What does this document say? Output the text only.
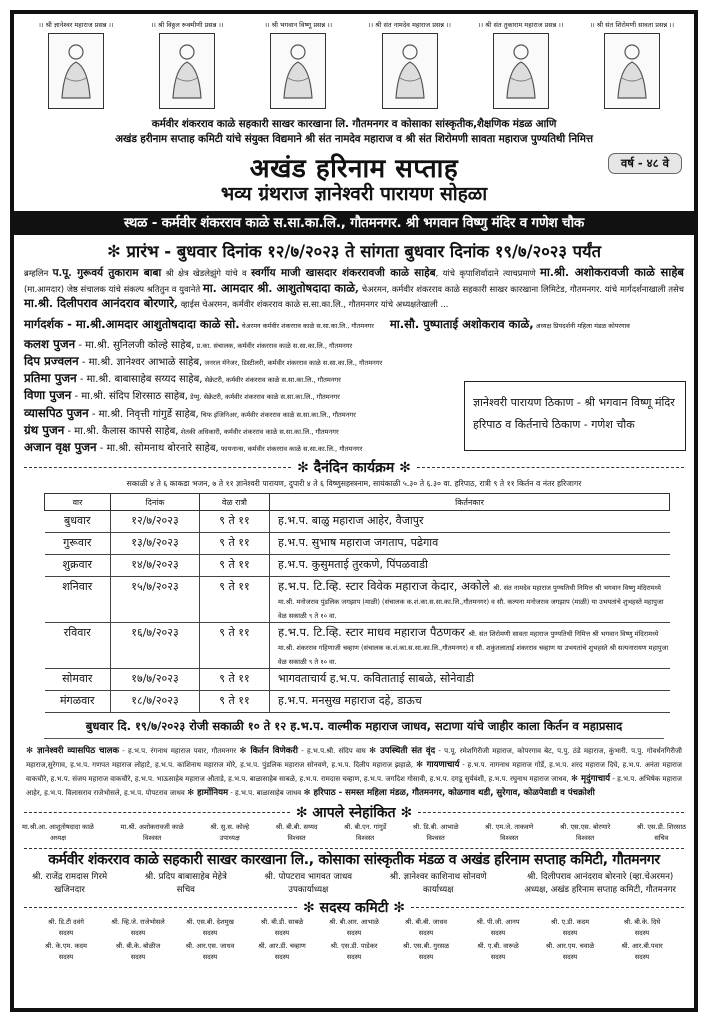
।। श्री ज्ञानेश्वर महाराज प्रसन्न ।।	।। श्री विठ्ठल रूक्मीणी प्रसन्न ।।	।। श्री भगवान विष्णू प्रसन्न ।।	।। श्री संत नामदेव महाराज प्रसन्न ।।	।। श्री संत तुकाराम महाराज प्रसन्न ।।	।। श्री संत शिरोमणी सावता प्रसन्न ।।
कर्मवीर शंकरराव काळे सहकारी साखर कारखाना लि. गौतमनगर व कोसाका सांस्कृतीक,शैक्षणिक मंडळ आणि
अखंड हरीनाम सप्ताह कमिटी यांचे संयुक्त विद्यमाने श्री संत नामदेव महाराज व श्री संत शिरोमणी सावता महाराज पुण्यतिथी निमित्त
अखंड हरिनाम सप्ताह	वर्ष - ४८ वे
भव्य ग्रंथराज ज्ञानेश्वरी पारायण सोहळा
स्थळ - कर्मवीर शंकरराव काळे स.सा.का.लि., गौतमनगर. श्री भगवान विष्णु मंदिर व गणेश चौक
✻ प्रारंभ - बुधवार दिनांक १२/७/२०२३ ते सांगता बुधवार दिनांक १९/७/२०२३ पर्यंत
ब्रम्हलिन प.पू. गुरूवर्य तुकाराम बाबा श्री क्षेत्र खेडलेझुंगे यांचे व स्वर्गीय माजी खासदार शंकररावजी काळे साहेब, यांचे कृपाशिर्वादाने त्याचप्रमाणे मा.श्री. अशोकरावजी काळे साहेब (मा.आमदार) जेष्ठ संचालक यांचे संकल्प श्रतितुन व युवानेते मा. आमदार श्री. आशुतोषदादा काळे, चेअरमन, कर्मवीर शंकरराव काळे सहकारी साखर कारखाना लिमिटेड, गौतमनगर. यांचे मार्गदर्शनाखाली तसेच मा.श्री. दिलीपराव आनंदराव बोरणारे, व्हाईस चेअरमन, कर्मवीर शंकरराव काळे स.सा.का.लि., गौतमनगर यांचे अध्यक्षतेखाली ...
मार्गदर्शक - मा.श्री.आमदार आशुतोषदादा काळे सो. चेअरमन कर्मवीर शंकरराव काळे स.सा.का.लि., गौतमनगर मा.सौ. पुष्पाताई अशोकराव काळे, अध्यक्ष प्रियदर्शनी महिला मंडळ कोपरगाव
कलश पुजन - मा.श्री. सुनिलजी कोल्हे साहेब, प्र.का. संचालक, कर्मवीर शंकरराव काळे स.सा.का.लि., गौतमनगर
दिप प्रज्वलन - मा.श्री. ज्ञानेश्वर आभाळे साहेब, जनरल मॅनेजर, डिस्टीलरी, कर्मवीर शंकरराव काळे स.सा.का.लि., गौतमनगर
प्रतिमा पुजन - मा.श्री. बाबासाहेब सय्यद साहेब, सेक्रेटरी, कर्मवीर शंकरराव काळे स.सा.का.लि., गौतमनगर
विणा पुजन - मा.श्री. संदिप शिरसाठ साहेब, डेप्यु. सेक्रेटरी, कर्मवीर शंकरराव काळे स.सा.का.लि., गौतमनगर
व्यासपिठ पुजन - मा.श्री. निवृत्ती गांगुर्डे साहेब, चिफ इंजिनिअर, कर्मवीर शंकरराव काळे स.सा.का.लि., गौतमनगर
ग्रंथ पुजन - मा.श्री. कैलास कापसे साहेब, शेतकी अधिकारी, कर्मवीर शंकरराव काळे स.सा.का.लि., गौतमनगर
अजान वृक्ष पुजन - मा.श्री. सोमनाथ बोरनारे साहेब, फायनान्स, कर्मवीर शंकरराव काळे स.सा.का.लि., गौतमनगर
ज्ञानेश्वरी पारायण ठिकाण - श्री भगवान विष्णू मंदिर
हरिपाठ व किर्तनाचे ठिकाण - गणेश चौक
✻ दैनंदिन कार्यक्रम ✻
सकाळी ४ ते ६ काकडा भजन, ७ ते ११ ज्ञानेश्वरी पारायण, दुपारी ४ ते ६ विष्णुसहस्त्रनाम, सायंकाळी ५.३० ते ६.३० वा. हरिपाठ, रात्री ९ ते ११ किर्तन व नंतर हरिजागर
वार	दिनांक	वेळ रात्रौ	किर्तनकार
बुधवार	१२/७/२०२३	९ ते ११	ह.भ.प. बाळु महाराज आहेर, वैजापुर
गुरूवार	१३/७/२०२३	९ ते ११	ह.भ.प. सुभाष महाराज जगताप, पढेगाव
शुक्रवार	१४/७/२०२३	९ ते ११	ह.भ.प. कुसुमताई तुरकणे, पिंपळवाडी
शनिवार	१५/७/२०२३	९ ते ११	ह.भ.प. टि.व्हि. स्टार विवेक महाराज केदार, अकोले श्री. संत नामदेव महाराज पुण्यतिथी निमित्त श्री भगवान विष्णु मंदिरामध्ये मा.श्री. मनोजराव पुंडलिक जगझाप (माळी) (संचालक क.शं.का.स.सा.का.लि.,गौतमनगर) व सौ. कल्पना मनोजराव जगझाप (माळी) या उभयतांचे शुभहस्ते महापुजा वेळ सकाळी ९ ते १० वा.
रविवार	१६/७/२०२३	९ ते ११	ह.भ.प. टि.व्हि. स्टार माधव महाराज पैठणकर श्री. संत शिरोमणी सावता महाराज पुण्यतिथी निमित्त श्री भगवान विष्णु मंदिरामध्ये मा.श्री. शंकरराव गहिणाजी चव्हाण (संचालक क.शं.का.स.सा.का.लि.,गौतमनगर) व सौ. शकुंतलाताई शंकरराव चव्हाण या उभयतांचे शुभहस्ते श्री सत्यनारायण महापुजा वेळ सकाळी ९ ते १० वा.
सोमवार	१७/७/२०२३	९ ते ११	भागवताचार्य ह.भ.प. कविताताई साबळे, सोनेवाडी
मंगळवार	१८/७/२०२३	९ ते ११	ह.भ.प. मनसुख महाराज दहे, डाऊच
बुधवार दि. १९/७/२०२३ रोजी सकाळी १० ते १२ ह.भ.प. वाल्मीक महाराज जाधव, सटाणा यांचे जाहीर काला किर्तन व महाप्रसाद
✻ ज्ञानेश्वरी व्यासपिठ चालक - ह.भ.प. रंगनाथ महाराज पवार, गौतमनगर ✻ किर्तन विणेकरी - ह.भ.प.श्री. संदिप वाघ ✻ उपस्थिती संत वृंद - प.पू. रमेशगिरीजी महाराज, कोपरगाव बेट, प.पु. ठंडे महाराज, कुंभारी. प.पु. गोवर्धनगिरीजी महाराज,सुरेगाव, ह.भ.प. गणपत महाराज लोहाटे, ह.भ.प. काशिनाथ महाराज मोरे, ह.भ.प. पुंडलिक महाराज सोनवणे, ह.भ.प. दिलीप महाराज झहाळे, ✻ गायणाचार्य - ह.भ.प. नागनाथ महाराज गोर्डे, ह.भ.प. शरद महाराज दिघे, ह.भ.प. अनंता महाराज वाकचौरे, ह.भ.प. संजय महाराज वाकचौरे, ह.भ.प. भाऊसाहेब महाराज औताडे, ह.भ.प. बाळासाहेब साबळे, ह.भ.प. रामदास चव्हाण, ह.भ.प. जगदिश गोसावी, ह.भ.प. दगडू सुर्यवंशी, ह.भ.प. रघुनाथ महाराज जाधव, ✻ मृदुंगाचार्य - ह.भ.प. अभिषेक महाराज आहेर, ह.भ.प. विलासराव राजेभोसले, ह.भ.प. पोपटराव जाधव ✻ हार्मोनियम - ह.भ.प. बाळासाहेब जाधव ✻ हरिपाठ - समस्त महिला मंडळ, गौतमनगर, कोळगाव थडी, सुरेगाव, कोळपेवाडी व पंचक्रोशी
✻ आपले स्नेहांकित ✻
मा.श्री.आ. आशुतोषदादा काळे
अध्यक्ष
मा.श्री. अशोकरावजी काळे
विश्वस्त
श्री. सु.स. कोल्हे
उपाध्यक्ष
श्री. बी.बी. सय्यद
विश्वस्त
श्री. बी.एन. गांगुर्डे
विश्वस्त
श्री. डि.बी. आभाळे
विश्वस्त
श्री. एम.जे. ताकवणे
विश्वस्त
श्री. एस.एस. बोरणारे
विश्वस्त
श्री. एस.डी. शिरसाठ
सचिव
कर्मवीर शंकरराव काळे सहकारी साखर कारखाना लि., कोसाका सांस्कृतीक मंडळ व अखंड हरिनाम सप्ताह कमिटी, गौतमनगर
श्री. राजेंद्र रामदास गिरमे
खजिनदार
श्री. प्रदिप बाबासाहेब मेहेत्रे
सचिव
श्री. पोपटराव भागवत जाधव
उपकार्याध्यक्ष
श्री. ज्ञानेश्वर काशिनाथ सोनवणे
कार्याध्यक्ष
श्री. दिलीपराव आनंदराव बोरनारे (व्हा.चेअरमन)
अध्यक्ष, अखंड हरिनाम सप्ताह कमिटी, गौतमनगर
✻ सदस्य कमिटी ✻
श्री. डि.टी दवंगे
सदस्य
श्री. व्हि.जे. राजेभोसले
सदस्य
श्री. एस.बी. देशमुख
सदस्य
श्री. बी.डी. साबळे
सदस्य
श्री. बी.आर. आभाळे
सदस्य
श्री. बी.बी. जाधव
सदस्य
श्री. पी.जी. आनप
सदस्य
श्री. ए.डी. कदम
सदस्य
श्री. बी.के. दिघे
सदस्य
श्री. के.एम. कदम
सदस्य
श्री. बी.के. बोळीज
सदस्य
श्री. आर.एस. जाधव
सदस्य
श्री. आर.डी. चव्हाण
सदस्य
श्री. एस.डी. पाडेकर
सदस्य
श्री. एस.बी. गुरसळ
सदस्य
श्री. ए.बी. वारूळे
सदस्य
श्री. आर.एम. चवाळे
सदस्य
श्री. आर.बी.पवार
सदस्य
